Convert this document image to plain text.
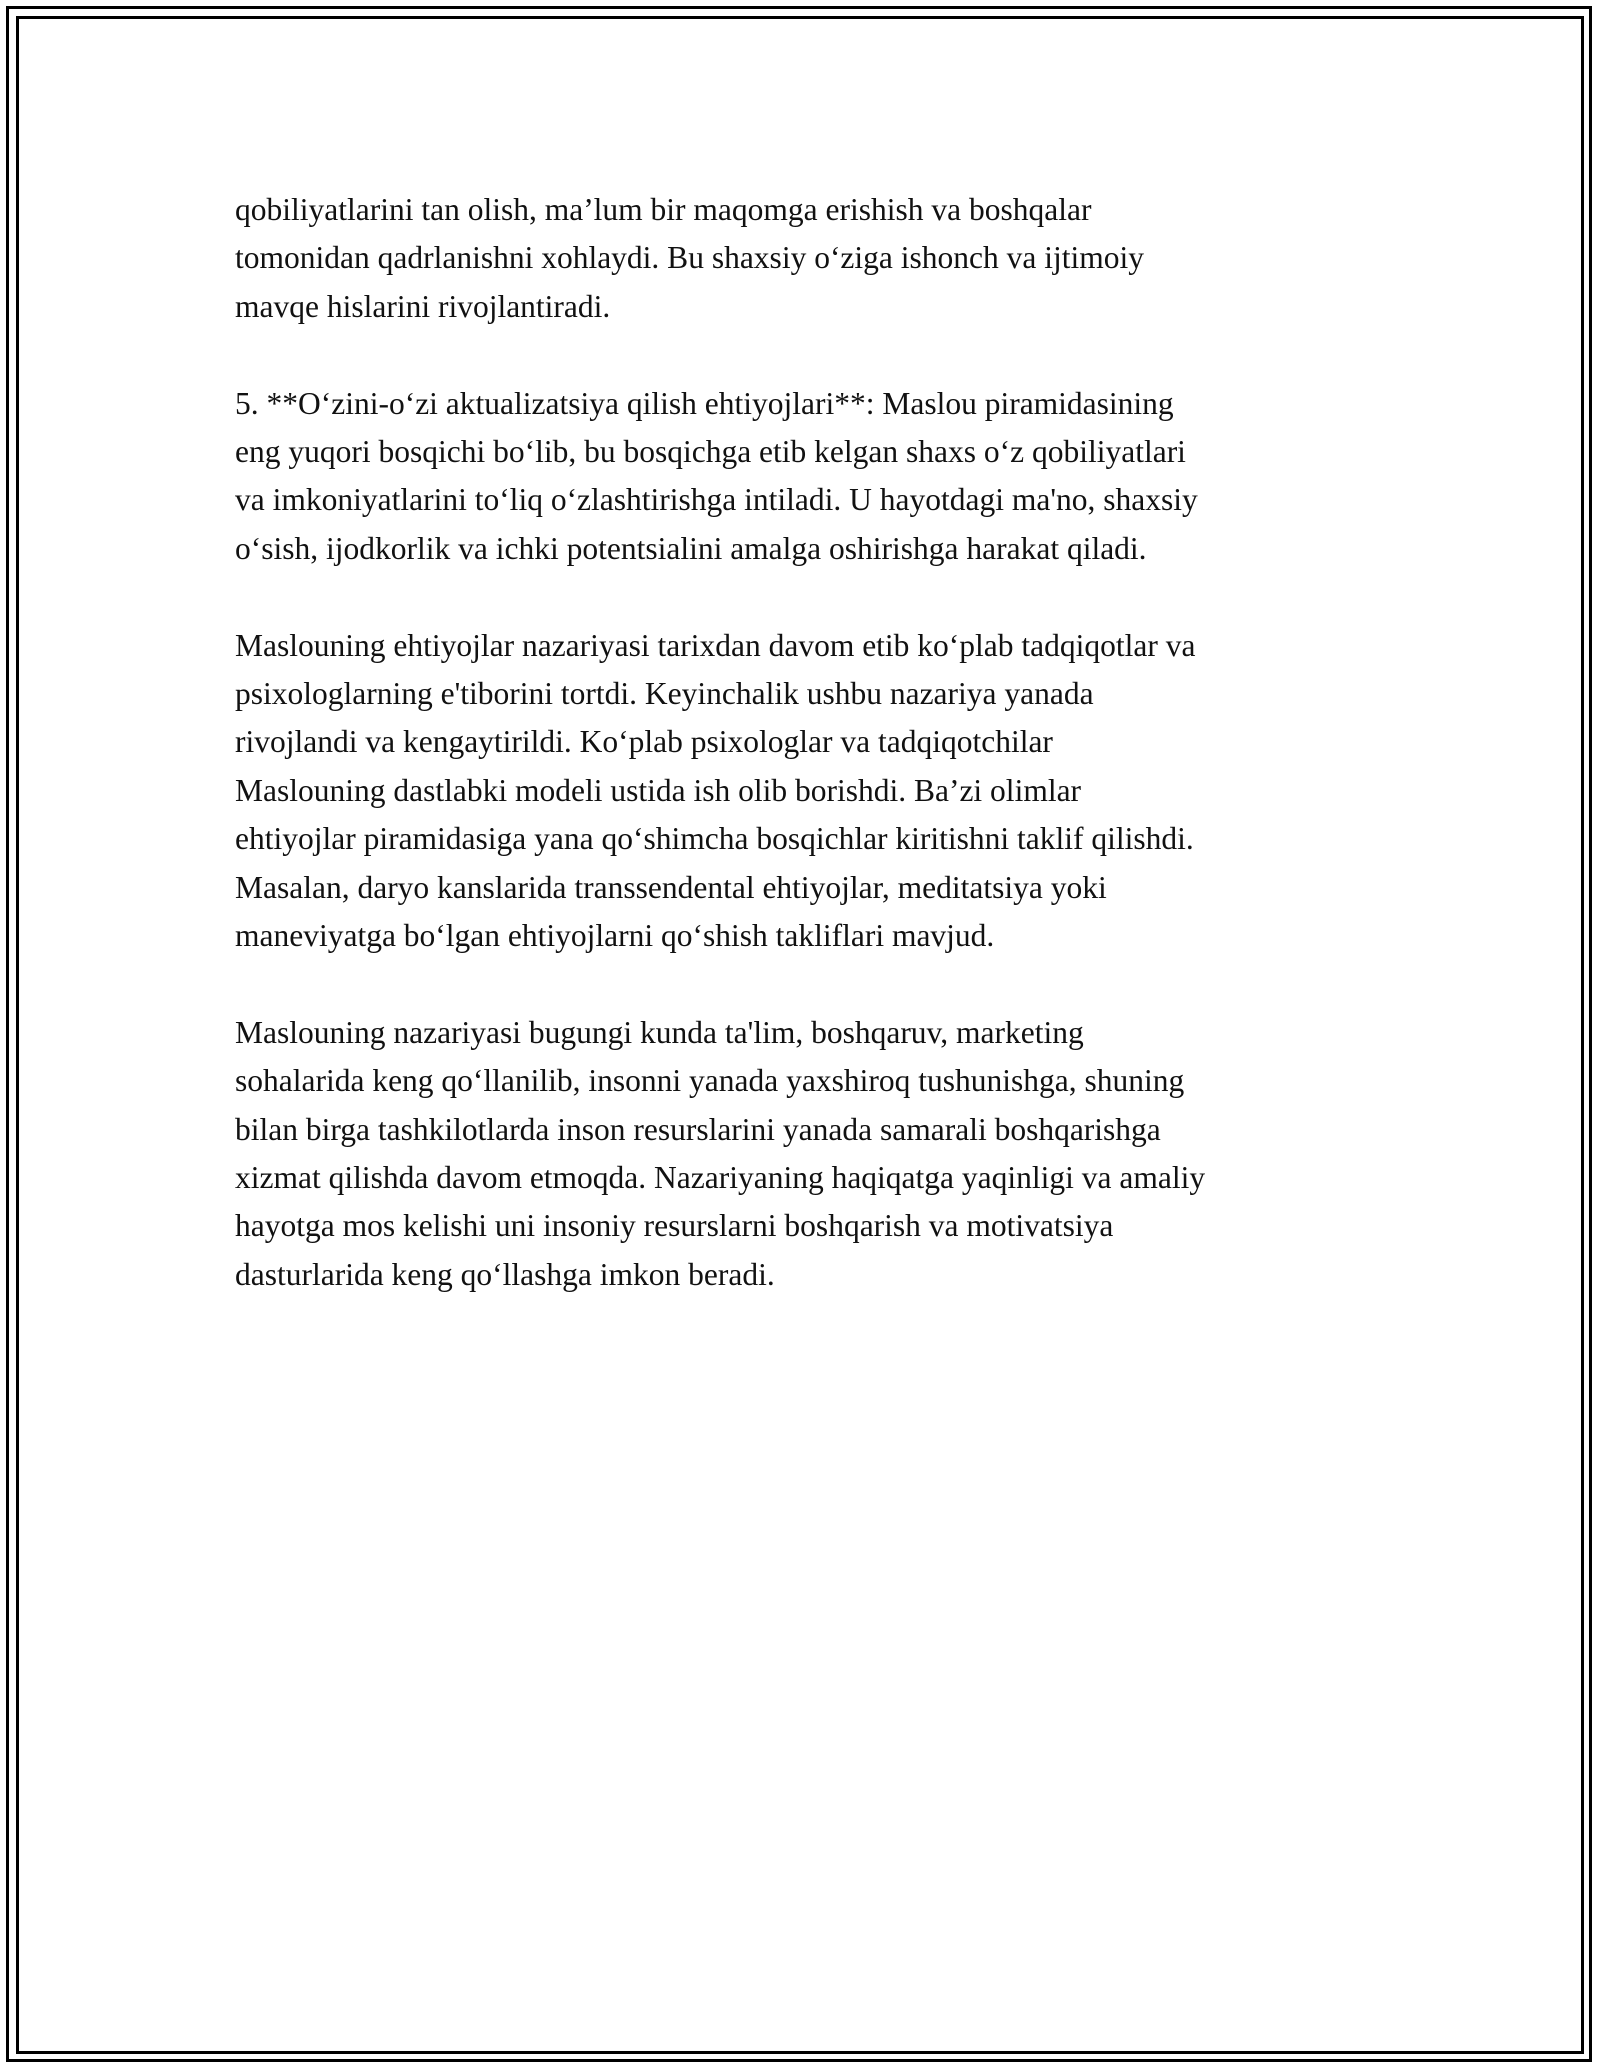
qobiliyatlarini tan olish, ma’lum bir maqomga erishish va boshqalar
tomonidan qadrlanishni xohlaydi. Bu shaxsiy o‘ziga ishonch va ijtimoiy
mavqe hislarini rivojlantiradi.

5. **O‘zini-o‘zi aktualizatsiya qilish ehtiyojlari**: Maslou piramidasining
eng yuqori bosqichi bo‘lib, bu bosqichga etib kelgan shaxs o‘z qobiliyatlari
va imkoniyatlarini to‘liq o‘zlashtirishga intiladi. U hayotdagi ma'no, shaxsiy
o‘sish, ijodkorlik va ichki potentsialini amalga oshirishga harakat qiladi.

Maslouning ehtiyojlar nazariyasi tarixdan davom etib ko‘plab tadqiqotlar va
psixologlarning e'tiborini tortdi. Keyinchalik ushbu nazariya yanada
rivojlandi va kengaytirildi. Ko‘plab psixologlar va tadqiqotchilar
Maslouning dastlabki modeli ustida ish olib borishdi. Ba’zi olimlar
ehtiyojlar piramidasiga yana qo‘shimcha bosqichlar kiritishni taklif qilishdi.
Masalan, daryo kanslarida transsendental ehtiyojlar, meditatsiya yoki
maneviyatga bo‘lgan ehtiyojlarni qo‘shish takliflari mavjud.

Maslouning nazariyasi bugungi kunda ta'lim, boshqaruv, marketing
sohalarida keng qo‘llanilib, insonni yanada yaxshiroq tushunishga, shuning
bilan birga tashkilotlarda inson resurslarini yanada samarali boshqarishga
xizmat qilishda davom etmoqda. Nazariyaning haqiqatga yaqinligi va amaliy
hayotga mos kelishi uni insoniy resurslarni boshqarish va motivatsiya
dasturlarida keng qo‘llashga imkon beradi.
